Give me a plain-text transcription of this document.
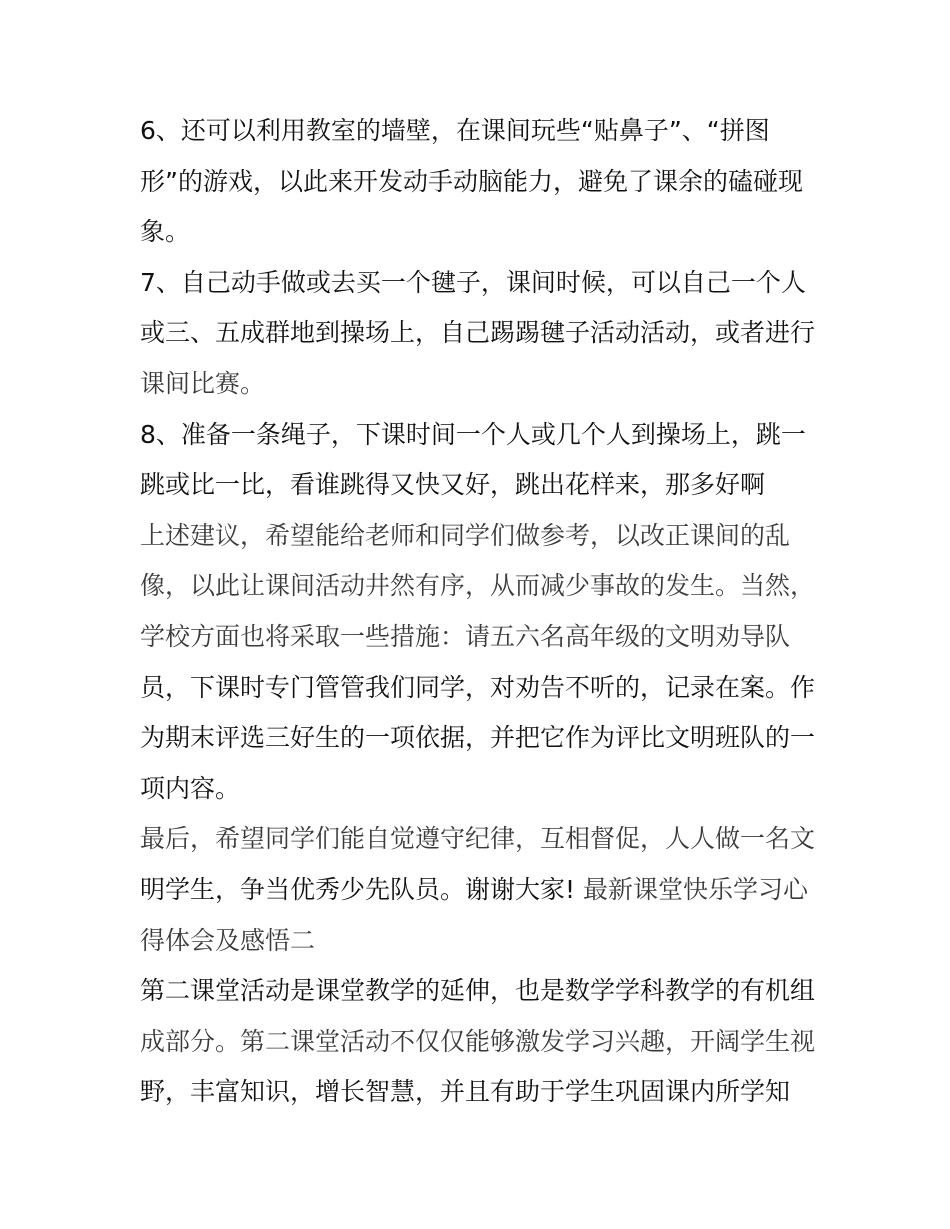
6、还可以利用教室的墙壁，在课间玩些“贴鼻子”、“拼图
形”的游戏，以此来开发动手动脑能力，避免了课余的磕碰现
象。
7、自己动手做或去买一个毽子，课间时候，可以自己一个人
或三、五成群地到操场上，自己踢踢毽子活动活动，或者进行
课间比赛。
8、准备一条绳子，下课时间一个人或几个人到操场上，跳一
跳或比一比，看谁跳得又快又好，跳出花样来，那多好啊
上述建议，希望能给老师和同学们做参考，以改正课间的乱
像，以此让课间活动井然有序，从而减少事故的发生。当然，
学校方面也将采取一些措施：请五六名高年级的文明劝导队
员，下课时专门管管我们同学，对劝告不听的，记录在案。作
为期末评选三好生的一项依据，并把它作为评比文明班队的一
项内容。
最后，希望同学们能自觉遵守纪律，互相督促，人人做一名文
明学生，争当优秀少先队员。谢谢大家! 最新课堂快乐学习心
得体会及感悟二
第二课堂活动是课堂教学的延伸，也是数学学科教学的有机组
成部分。第二课堂活动不仅仅能够激发学习兴趣，开阔学生视
野，丰富知识，增长智慧，并且有助于学生巩固课内所学知
